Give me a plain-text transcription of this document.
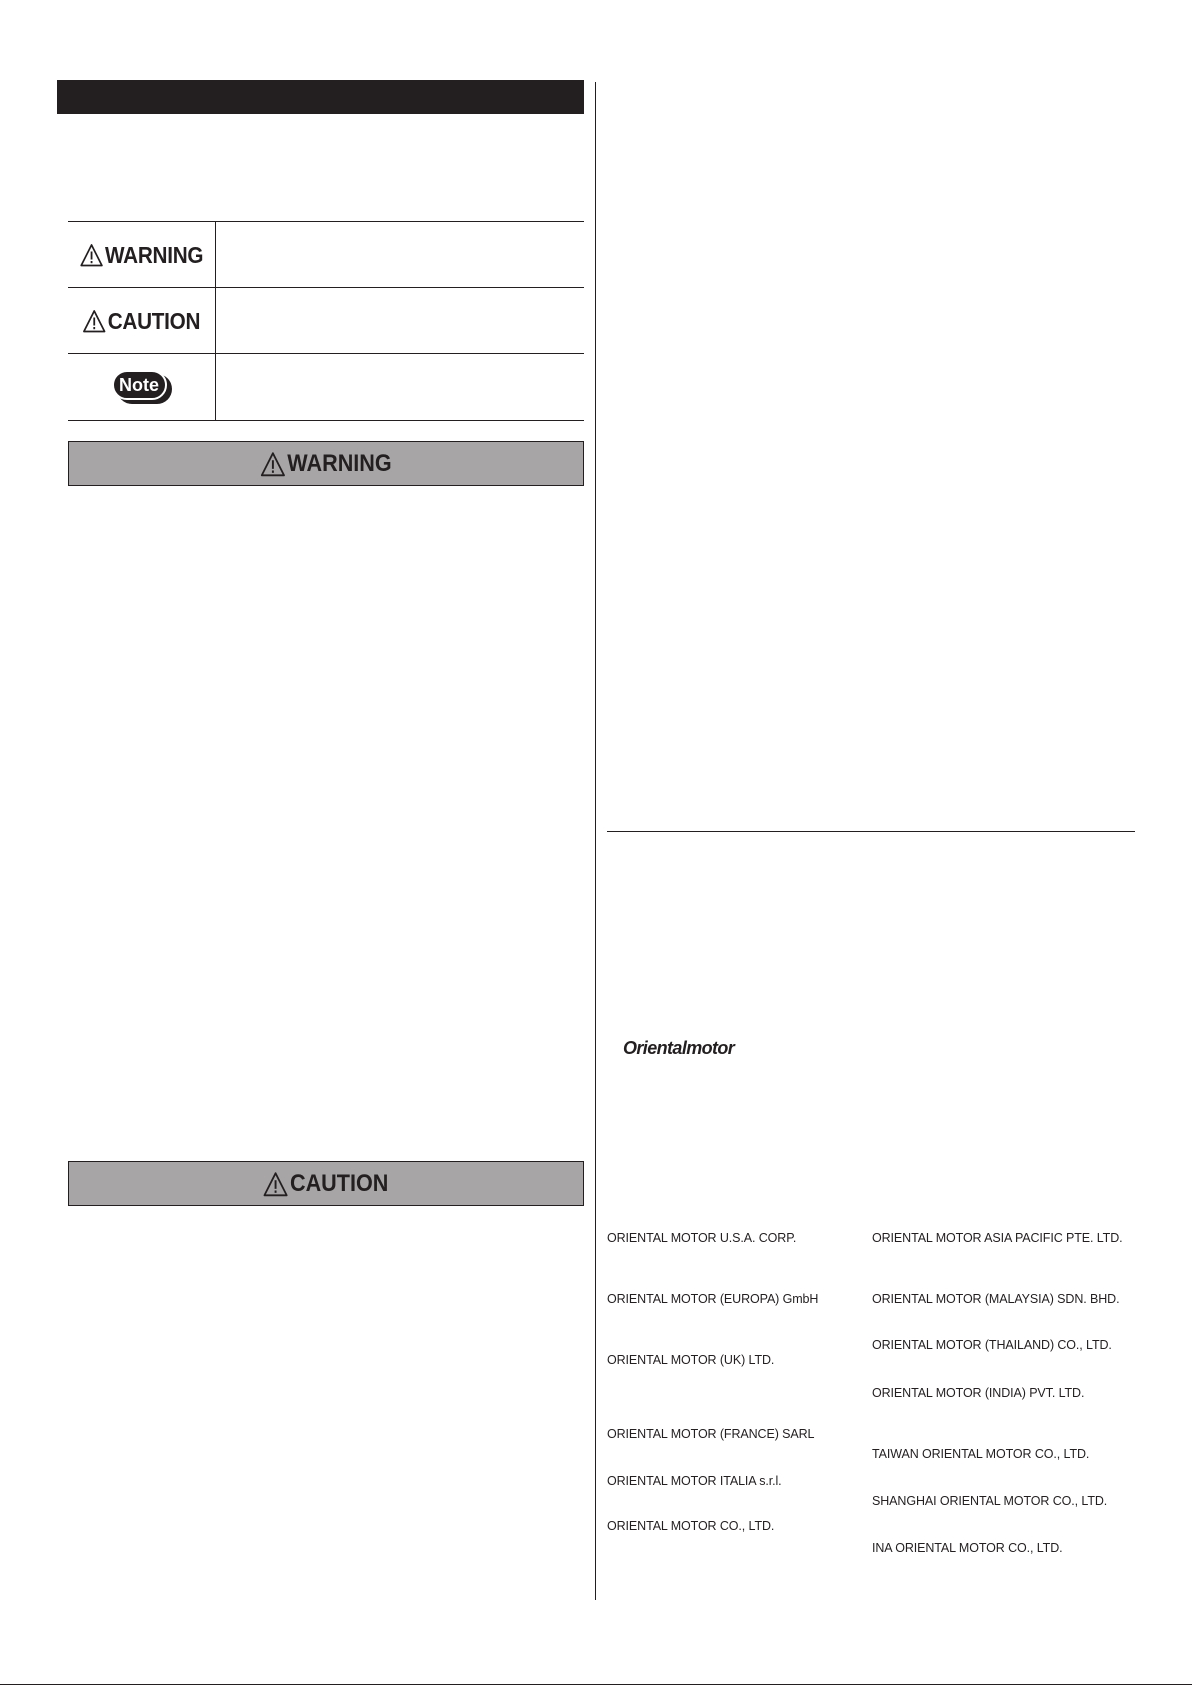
WARNING
CAUTION
Note
WARNING
CAUTION
Orientalmotor
ORIENTAL MOTOR U.S.A. CORP.
ORIENTAL MOTOR (EUROPA) GmbH
ORIENTAL MOTOR (UK) LTD.
ORIENTAL MOTOR (FRANCE) SARL
ORIENTAL MOTOR ITALIA s.r.l.
ORIENTAL MOTOR CO., LTD.
ORIENTAL MOTOR ASIA PACIFIC PTE. LTD.
ORIENTAL MOTOR (MALAYSIA) SDN. BHD.
ORIENTAL MOTOR (THAILAND) CO., LTD.
ORIENTAL MOTOR (INDIA) PVT. LTD.
TAIWAN ORIENTAL MOTOR CO., LTD.
SHANGHAI ORIENTAL MOTOR CO., LTD.
INA ORIENTAL MOTOR CO., LTD.
